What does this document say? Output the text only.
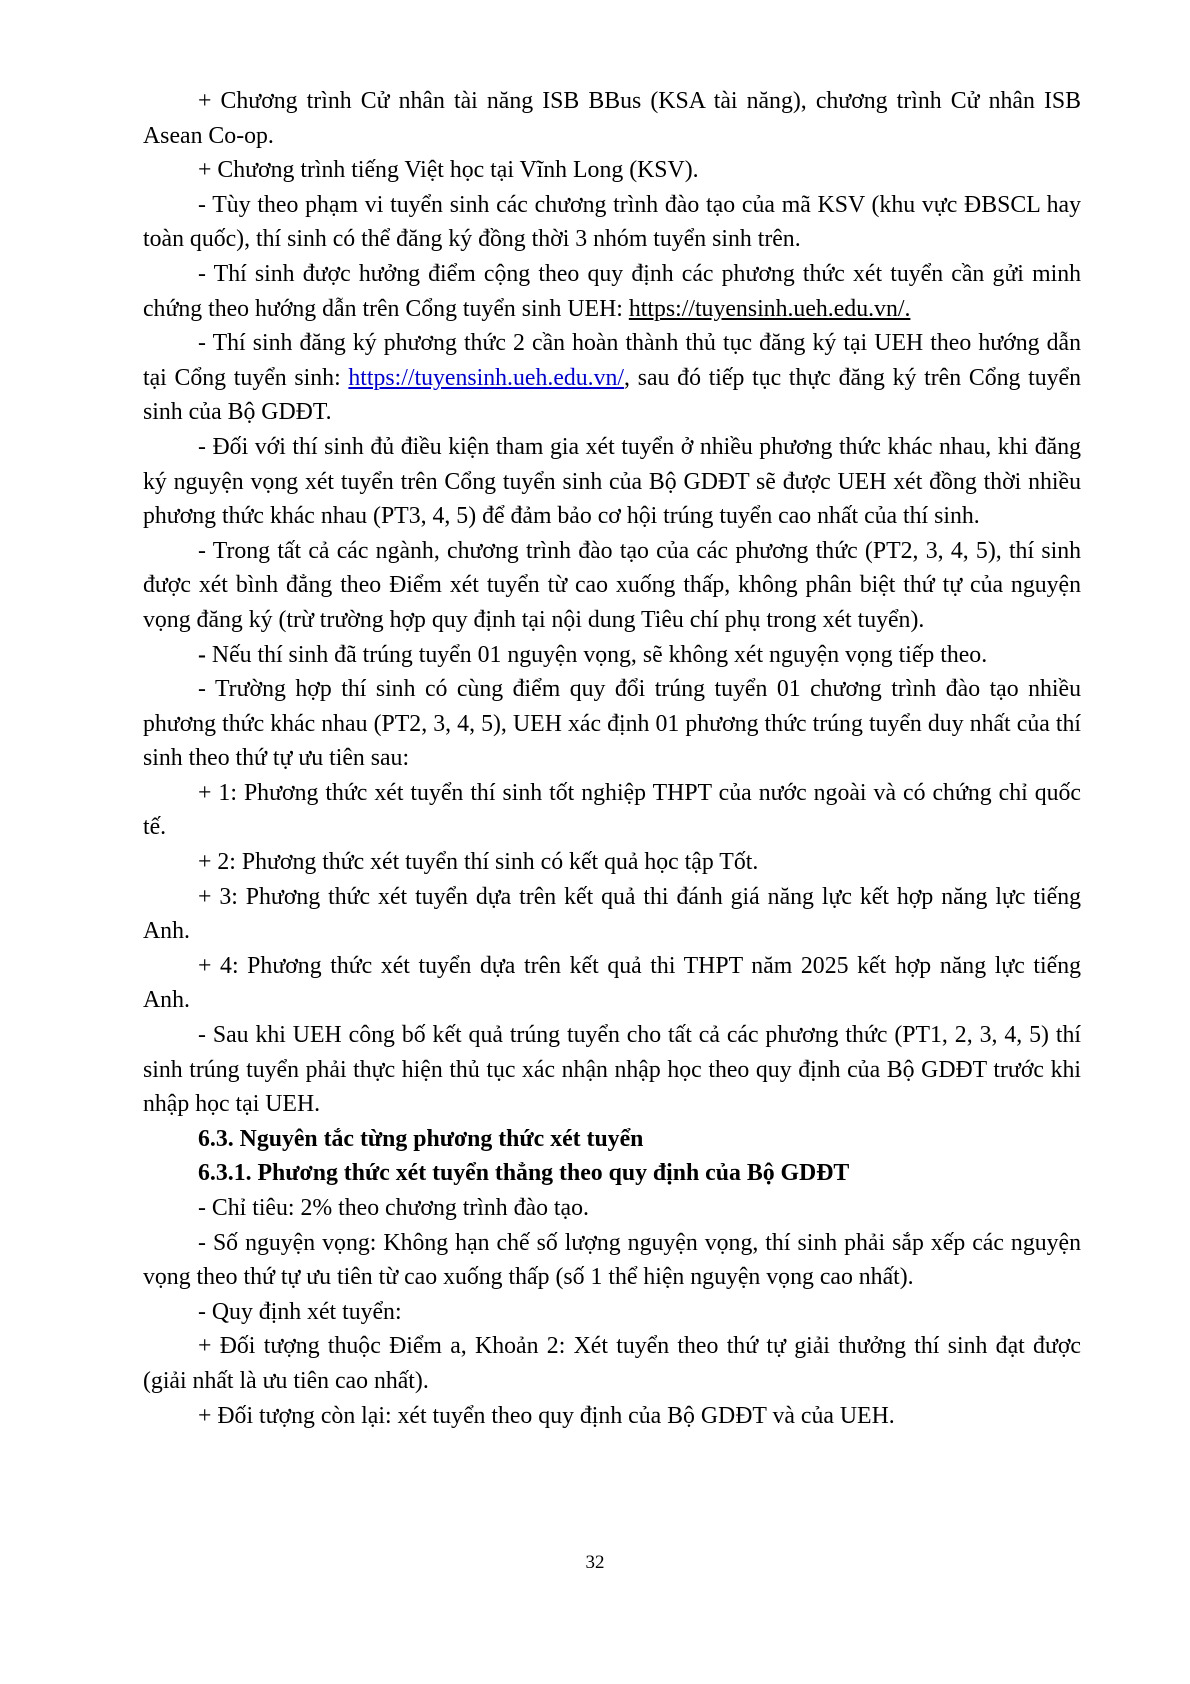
+ Chương trình Cử nhân tài năng ISB BBus (KSA tài năng), chương trình Cử nhân ISB Asean Co-op.

+ Chương trình tiếng Việt học tại Vĩnh Long (KSV).

- Tùy theo phạm vi tuyển sinh các chương trình đào tạo của mã KSV (khu vực ĐBSCL hay toàn quốc), thí sinh có thể đăng ký đồng thời 3 nhóm tuyển sinh trên.

- Thí sinh được hưởng điểm cộng theo quy định các phương thức xét tuyển cần gửi minh chứng theo hướng dẫn trên Cổng tuyển sinh UEH: https://tuyensinh.ueh.edu.vn/.

- Thí sinh đăng ký phương thức 2 cần hoàn thành thủ tục đăng ký tại UEH theo hướng dẫn tại Cổng tuyển sinh: https://tuyensinh.ueh.edu.vn/, sau đó tiếp tục thực đăng ký trên Cổng tuyển sinh của Bộ GDĐT.

- Đối với thí sinh đủ điều kiện tham gia xét tuyển ở nhiều phương thức khác nhau, khi đăng ký nguyện vọng xét tuyển trên Cổng tuyển sinh của Bộ GDĐT sẽ được UEH xét đồng thời nhiều phương thức khác nhau (PT3, 4, 5) để đảm bảo cơ hội trúng tuyển cao nhất của thí sinh.

- Trong tất cả các ngành, chương trình đào tạo của các phương thức (PT2, 3, 4, 5), thí sinh được xét bình đẳng theo Điểm xét tuyển từ cao xuống thấp, không phân biệt thứ tự của nguyện vọng đăng ký (trừ trường hợp quy định tại nội dung Tiêu chí phụ trong xét tuyển).

- Nếu thí sinh đã trúng tuyển 01 nguyện vọng, sẽ không xét nguyện vọng tiếp theo.

- Trường hợp thí sinh có cùng điểm quy đổi trúng tuyển 01 chương trình đào tạo nhiều phương thức khác nhau (PT2, 3, 4, 5), UEH xác định 01 phương thức trúng tuyển duy nhất của thí sinh theo thứ tự ưu tiên sau:

+ 1: Phương thức xét tuyển thí sinh tốt nghiệp THPT của nước ngoài và có chứng chỉ quốc tế.

+ 2: Phương thức xét tuyển thí sinh có kết quả học tập Tốt.

+ 3: Phương thức xét tuyển dựa trên kết quả thi đánh giá năng lực kết hợp năng lực tiếng Anh.

+ 4: Phương thức xét tuyển dựa trên kết quả thi THPT năm 2025 kết hợp năng lực tiếng Anh.

- Sau khi UEH công bố kết quả trúng tuyển cho tất cả các phương thức (PT1, 2, 3, 4, 5) thí sinh trúng tuyển phải thực hiện thủ tục xác nhận nhập học theo quy định của Bộ GDĐT trước khi nhập học tại UEH.

6.3. Nguyên tắc từng phương thức xét tuyển

6.3.1. Phương thức xét tuyển thẳng theo quy định của Bộ GDĐT

- Chỉ tiêu: 2% theo chương trình đào tạo.

- Số nguyện vọng: Không hạn chế số lượng nguyện vọng, thí sinh phải sắp xếp các nguyện vọng theo thứ tự ưu tiên từ cao xuống thấp (số 1 thể hiện nguyện vọng cao nhất).

- Quy định xét tuyển:

+ Đối tượng thuộc Điểm a, Khoản 2: Xét tuyển theo thứ tự giải thưởng thí sinh đạt được (giải nhất là ưu tiên cao nhất).

+ Đối tượng còn lại: xét tuyển theo quy định của Bộ GDĐT và của UEH.

32
